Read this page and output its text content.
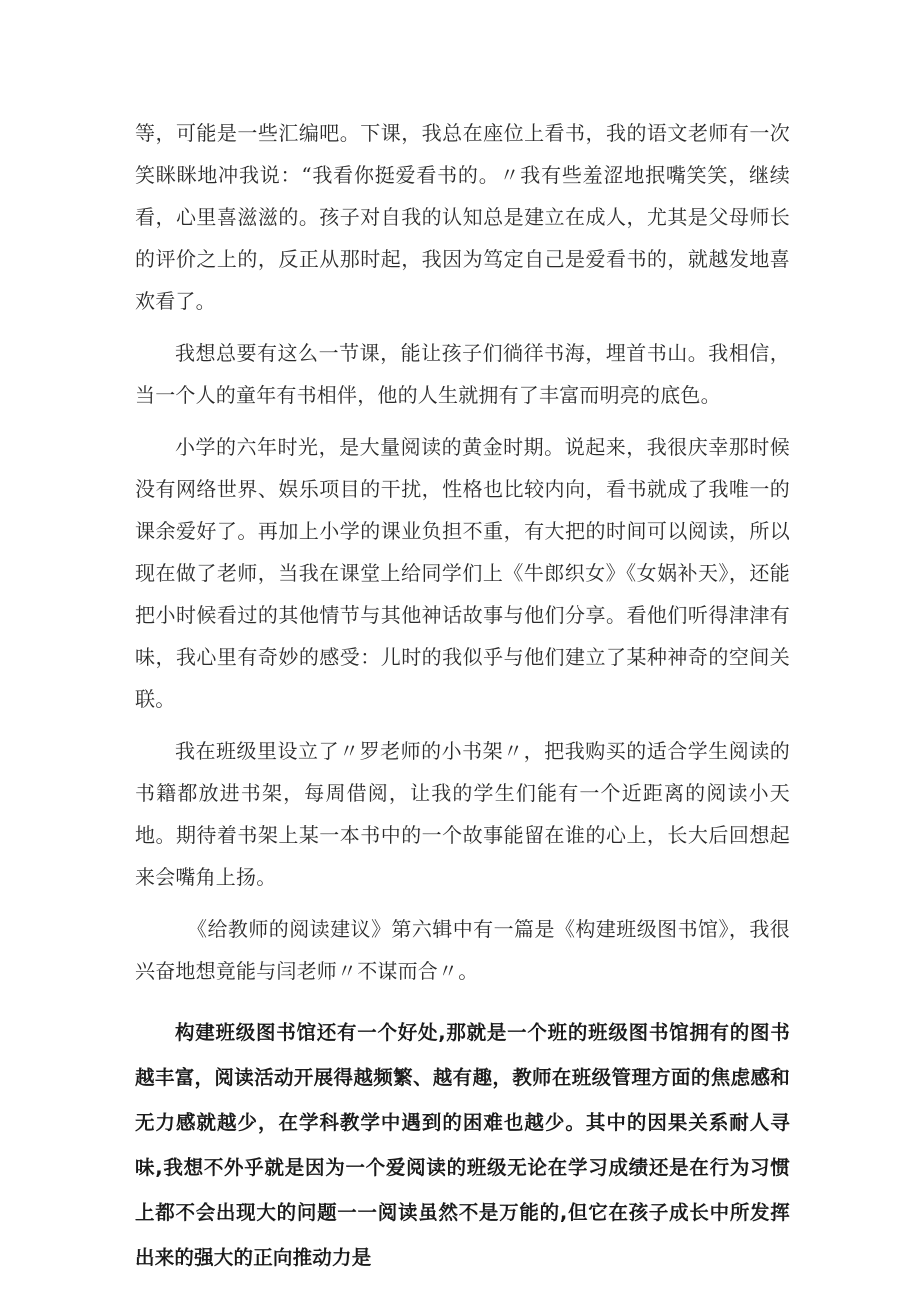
等，可能是一些汇编吧。下课，我总在座位上看书，我的语文老师有一次笑眯眯地冲我说：“我看你挺爱看书的。〃我有些羞涩地抿嘴笑笑，继续看，心里喜滋滋的。孩子对自我的认知总是建立在成人，尤其是父母师长的评价之上的，反正从那时起，我因为笃定自己是爱看书的，就越发地喜欢看了。

我想总要有这么一节课，能让孩子们徜徉书海，埋首书山。我相信，当一个人的童年有书相伴，他的人生就拥有了丰富而明亮的底色。

小学的六年时光，是大量阅读的黄金时期。说起来，我很庆幸那时候没有网络世界、娱乐项目的干扰，性格也比较内向，看书就成了我唯一的课余爱好了。再加上小学的课业负担不重，有大把的时间可以阅读，所以现在做了老师，当我在课堂上给同学们上《牛郎织女》《女娲补天》，还能把小时候看过的其他情节与其他神话故事与他们分享。看他们听得津津有味，我心里有奇妙的感受：儿时的我似乎与他们建立了某种神奇的空间关联。

我在班级里设立了〃罗老师的小书架〃，把我购买的适合学生阅读的书籍都放进书架，每周借阅，让我的学生们能有一个近距离的阅读小天地。期待着书架上某一本书中的一个故事能留在谁的心上，长大后回想起来会嘴角上扬。

《给教师的阅读建议》第六辑中有一篇是《构建班级图书馆》，我很兴奋地想竟能与闫老师〃不谋而合〃。

构建班级图书馆还有一个好处,那就是一个班的班级图书馆拥有的图书越丰富，阅读活动开展得越频繁、越有趣，教师在班级管理方面的焦虑感和无力感就越少，在学科教学中遇到的困难也越少。其中的因果关系耐人寻味,我想不外乎就是因为一个爱阅读的班级无论在学习成绩还是在行为习惯上都不会出现大的问题一一阅读虽然不是万能的,但它在孩子成长中所发挥出来的强大的正向推动力是
